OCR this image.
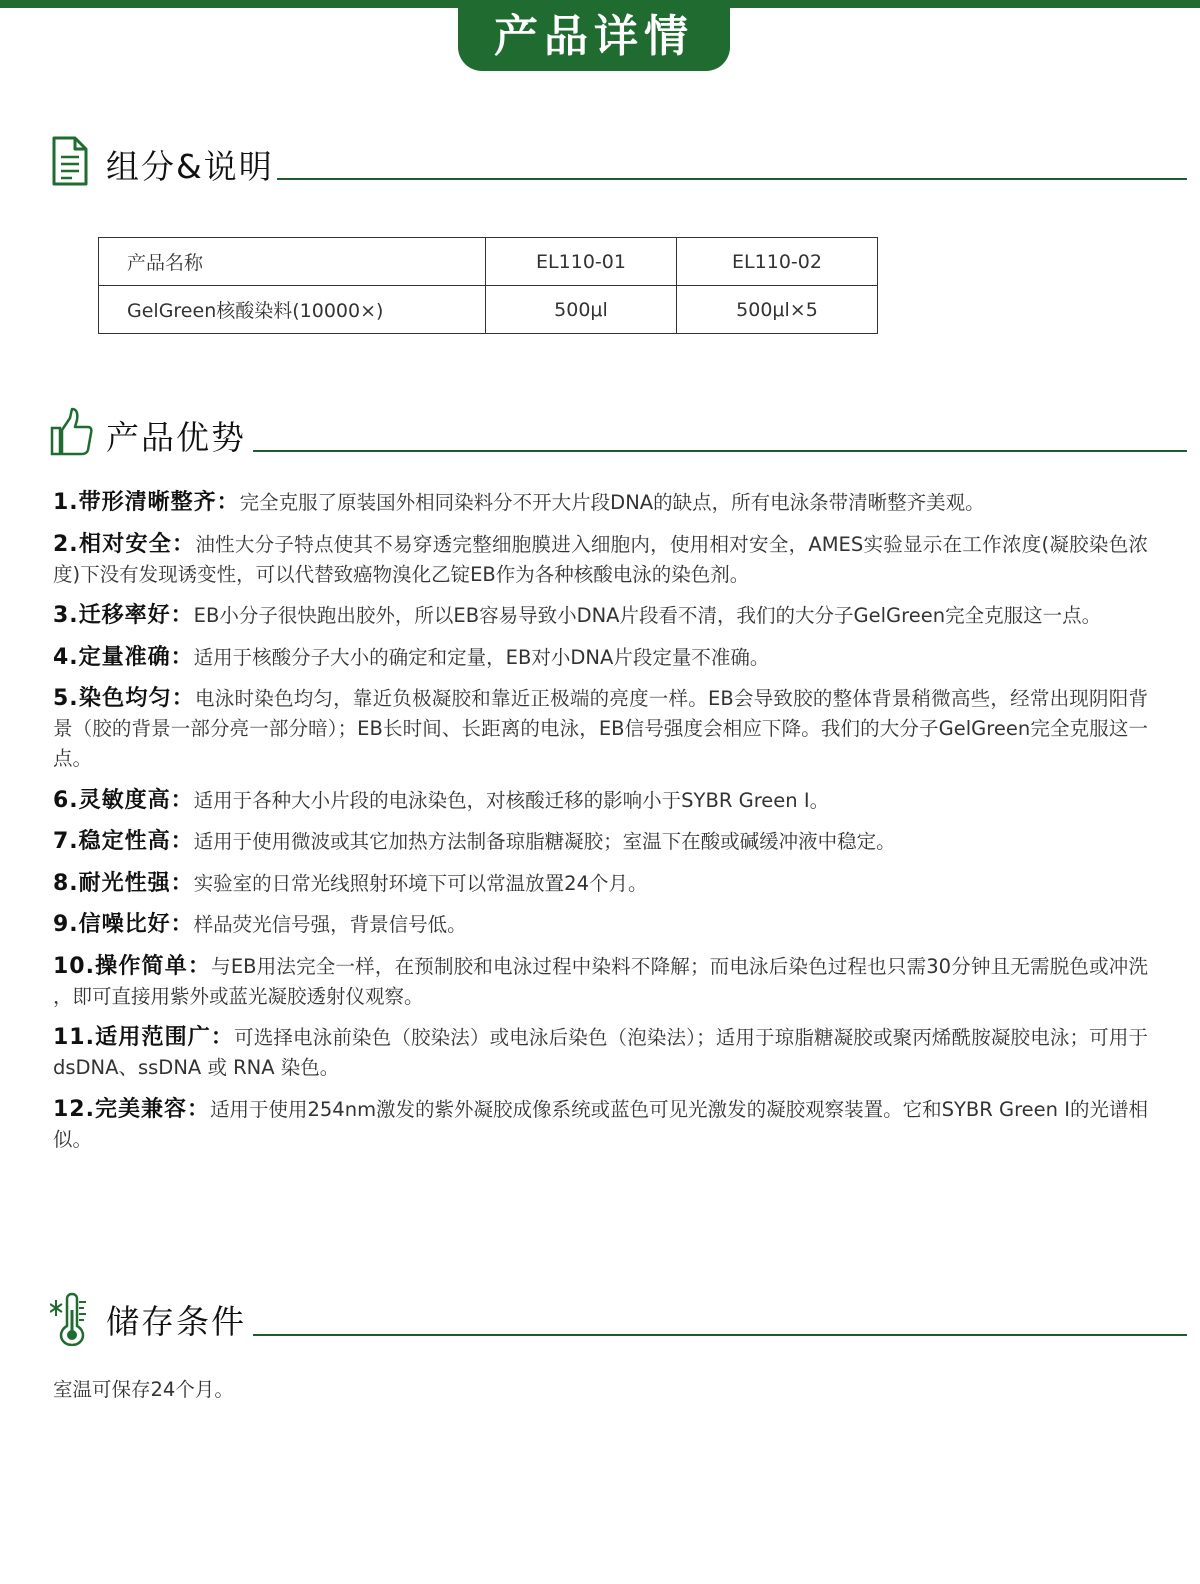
产品详情
组分&说明
产品名称	EL110-01	EL110-02
GelGreen核酸染料(10000×)	500μl	500μl×5
产品优势

1.带形清晰整齐：完全克服了原装国外相同染料分不开大片段DNA的缺点，所有电泳条带清晰整齐美观。

2.相对安全：油性大分子特点使其不易穿透完整细胞膜进入细胞内，使用相对安全，AMES实验显示在工作浓度(凝胶染色浓度)下没有发现诱变性，可以代替致癌物溴化乙锭EB作为各种核酸电泳的染色剂。

3.迁移率好：EB小分子很快跑出胶外，所以EB容易导致小DNA片段看不清，我们的大分子GelGreen完全克服这一点。

4.定量准确：适用于核酸分子大小的确定和定量，EB对小DNA片段定量不准确。

5.染色均匀：电泳时染色均匀，靠近负极凝胶和靠近正极端的亮度一样。EB会导致胶的整体背景稍微高些，经常出现阴阳背景（胶的背景一部分亮一部分暗）；EB长时间、长距离的电泳，EB信号强度会相应下降。我们的大分子GelGreen完全克服这一点。

6.灵敏度高：适用于各种大小片段的电泳染色，对核酸迁移的影响小于SYBR Green I。

7.稳定性高：适用于使用微波或其它加热方法制备琼脂糖凝胶；室温下在酸或碱缓冲液中稳定。

8.耐光性强：实验室的日常光线照射环境下可以常温放置24个月。

9.信噪比好：样品荧光信号强，背景信号低。

10.操作简单：与EB用法完全一样，在预制胶和电泳过程中染料不降解；而电泳后染色过程也只需30分钟且无需脱色或冲洗 ，即可直接用紫外或蓝光凝胶透射仪观察。

11.适用范围广：可选择电泳前染色（胶染法）或电泳后染色（泡染法）；适用于琼脂糖凝胶或聚丙烯酰胺凝胶电泳；可用于 dsDNA、ssDNA 或 RNA 染色。

12.完美兼容：适用于使用254nm激发的紫外凝胶成像系统或蓝色可见光激发的凝胶观察装置。它和SYBR Green I的光谱相似。

储存条件
室温可保存24个月。
